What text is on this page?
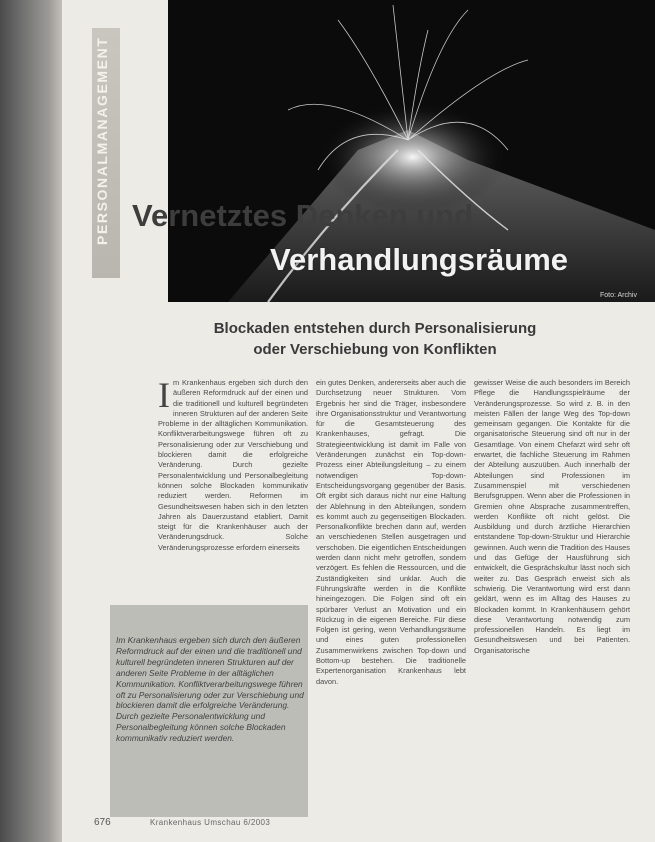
PERSONALMANAGEMENT Vernetztes Denken und
Verhandlungsräume
Foto: Archiv
Blockaden entstehen durch Personalisierung
oder Verschiebung von Konflikten
I m Krankenhaus ergeben sich durch den äußeren Reformdruck auf der einen und die traditionell und kulturell begründeten inneren Strukturen auf der anderen Seite Probleme in der alltäglichen Kommunikation. Konfliktverarbeitungswege führen oft zu Personalisierung oder zur Verschiebung und blockieren damit die erfolgreiche Veränderung. Durch gezielte Personalentwicklung und Personalbegleitung können solche Blockaden kommunikativ reduziert werden. Reformen im Gesundheitswesen haben sich in den letzten Jahren als Dauerzustand etabliert. Damit steigt für die Krankenhäuser auch der Veränderungsdruck. Solche Veränderungsprozesse erfordern einerseits
ein gutes Denken, andererseits aber auch die Durchsetzung neuer Strukturen. Vom Ergebnis her sind die Träger, insbesondere ihre Organisationsstruktur und Verantwortung für die Gesamtsteuerung des Krankenhauses, gefragt. Die Strategieentwicklung ist damit im Falle von Veränderungen zunächst ein Top-down-Prozess einer Abteilungsleitung – zu einem notwendigen Top-down-Entscheidungsvorgang gegenüber der Basis. Oft ergibt sich daraus nicht nur eine Haltung der Ablehnung in den Abteilungen, sondern es kommt auch zu gegenseitigen Blockaden. Personalkonflikte brechen dann auf, werden an verschiedenen Stellen ausgetragen und verschoben. Die eigentlichen Entscheidungen werden dann nicht mehr getroffen, sondern verzögert. Es fehlen die Ressourcen, und die Zuständigkeiten sind unklar. Auch die Führungskräfte werden in die Konflikte hineingezogen. Die Folgen sind oft ein spürbarer Verlust an Motivation und ein Rückzug in die eigenen Bereiche. Für diese Folgen ist gering, wenn Verhandlungsräume und eines guten professionellen Zusammenwirkens zwischen Top-down und Bottom-up bestehen. Die traditionelle Expertenorganisation Krankenhaus lebt davon.
gewisser Weise die auch besonders im Bereich Pflege die Handlungsspielräume der Veränderungsprozesse. So wird z. B. in den meisten Fällen der lange Weg des Top-down gemeinsam gegangen. Die Kontakte für die organisatorische Steuerung sind oft nur in der Gesamtlage. Von einem Chefarzt wird sehr oft erwartet, die fachliche Steuerung im Rahmen der Abteilung auszuüben. Auch innerhalb der Abteilungen sind Professionen im Zusammenspiel mit verschiedenen Berufsgruppen. Wenn aber die Professionen in Gremien ohne Absprache zusammentreffen, werden Konflikte oft nicht gelöst. Die Ausbildung und durch ärztliche Hierarchien entstandene Top-down-Struktur und Hierarchie gewinnen. Auch wenn die Tradition des Hauses und das Gefüge der Hausführung sich entwickelt, die Gesprächskultur lässt noch sich weiter zu. Das Gespräch erweist sich als schwierig. Die Verantwortung wird erst dann geklärt, wenn es im Alltag des Hauses zu Blockaden kommt. In Krankenhäusern gehört diese Verantwortung notwendig zum professionellen Handeln. Es liegt im Gesundheitswesen und bei Patienten. Organisatorische
Im Krankenhaus ergeben sich durch den äußeren Reformdruck auf der einen und die traditionell und kulturell begründeten inneren Strukturen auf der anderen Seite Probleme in der alltäglichen Kommunikation. Konfliktverarbeitungswege führen oft zu Personalisierung oder zur Verschiebung und blockieren damit die erfolgreiche Veränderung. Durch gezielte Personalentwicklung und Personalbegleitung können solche Blockaden kommunikativ reduziert werden.
676	Krankenhaus Umschau 6/2003
